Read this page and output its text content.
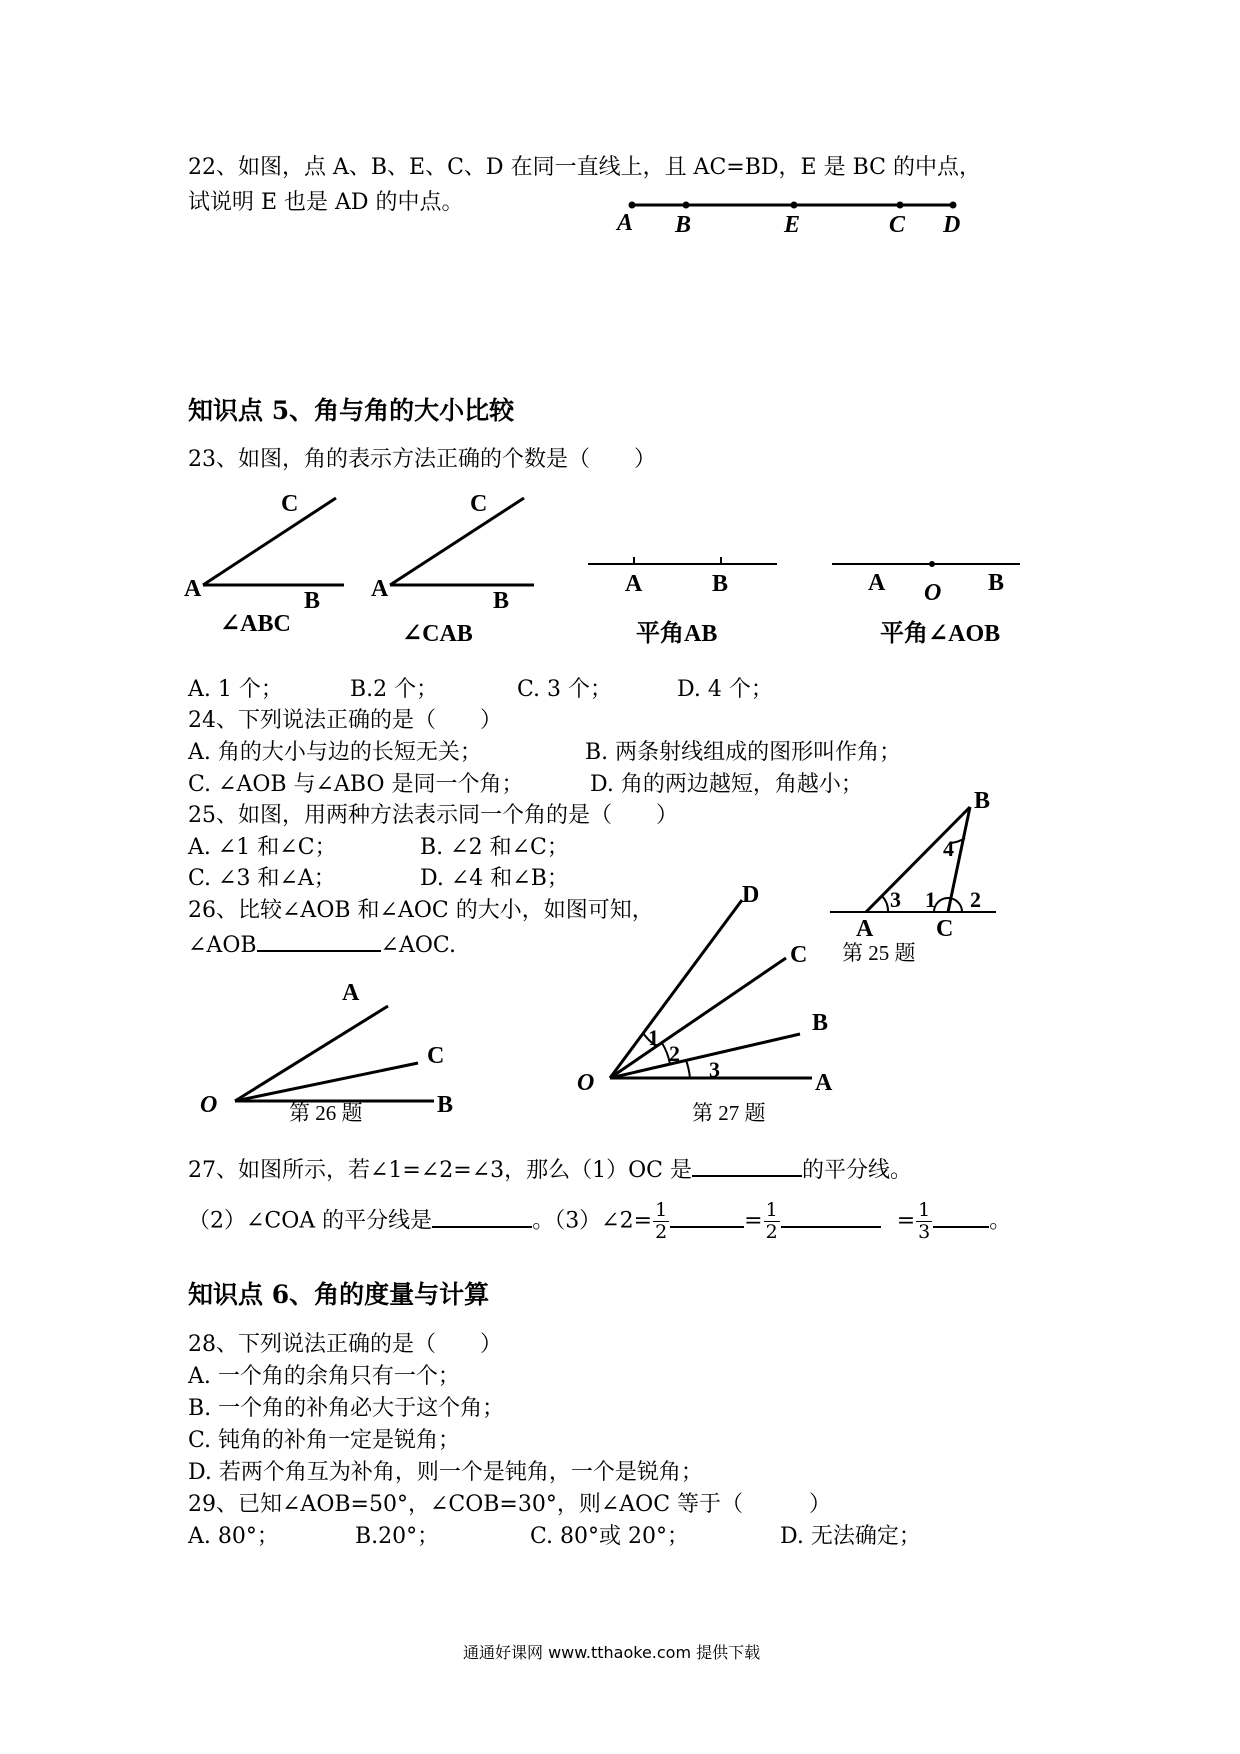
22、如图，点 A、B、E、C、D 在同一直线上，且 AC=BD，E 是 BC 的中点，
试说明 E 也是 AD 的中点。
知识点 5、角与角的大小比较
23、如图，角的表示方法正确的个数是（　　）
A. 1 个；	B.2 个；	C. 3 个；	D. 4 个；
24、下列说法正确的是（　　）
A. 角的大小与边的长短无关；	B. 两条射线组成的图形叫作角；
C. ∠AOB 与∠ABO 是同一个角；	D. 角的两边越短，角越小；
25、如图，用两种方法表示同一个角的是（　　）
A. ∠1 和∠C；	B. ∠2 和∠C；
C. ∠3 和∠A；	D. ∠4 和∠B；
26、比较∠AOB 和∠AOC 的大小，如图可知，
∠AOB	∠AOC.
27、如图所示，若∠1=∠2=∠3，那么（1）OC 是	的平分线。
（2）∠COA 的平分线是	。（3）∠2= $\frac{1}{2}$	= $\frac{1}{2}$	= $\frac{1}{3}$	。
知识点 6、角的度量与计算
28、下列说法正确的是（　　）
A. 一个角的余角只有一个；
B. 一个角的补角必大于这个角；
C. 钝角的补角一定是锐角；
D. 若两个角互为补角，则一个是钝角，一个是锐角；
29、已知∠AOB=50°，∠COB=30°，则∠AOC 等于（　　　）
A. 80°；	B.20°；	C. 80°或 20°；	D. 无法确定；
通通好课网 www.tthaoke.com 提供下载
A B	E	C D
C
A	B
∠ABC
C
A	B
∠CAB
A	B
平角AB
A O B
平角∠AOB
B
4
3 1 2
A	C
第 25 题
A
C
O	B
第 26 题
D
C
B
O	A
1
2
3
第 27 题
